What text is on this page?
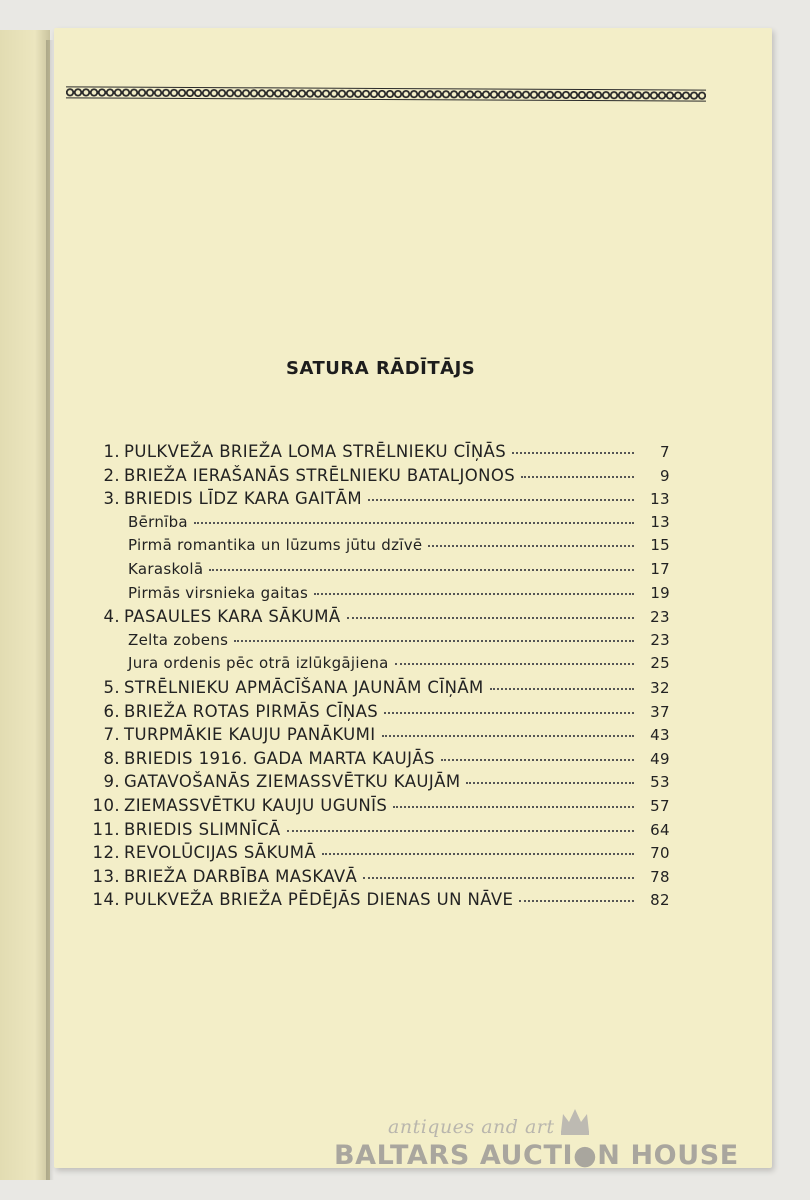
SATURA RĀDĪTĀJS
1. PULKVEŽA BRIEŽA LOMA STRĒLNIEKU CĪŅĀS	7
2. BRIEŽA IERAŠANĀS STRĒLNIEKU BATALJONOS	9
3. BRIEDIS LĪDZ KARA GAITĀM	13
Bērnība	13
Pirmā romantika un lūzums jūtu dzīvē	15
Karaskolā	17
Pirmās virsnieka gaitas	19
4. PASAULES KARA SĀKUMĀ	23
Zelta zobens	23
Jura ordenis pēc otrā izlūkgājiena	25
5. STRĒLNIEKU APMĀCĪŠANA JAUNĀM CĪŅĀM	32
6. BRIEŽA ROTAS PIRMĀS CĪŅAS	37
7. TURPMĀKIE KAUJU PANĀKUMI	43
8. BRIEDIS 1916. GADA MARTA KAUJĀS	49
9. GATAVOŠANĀS ZIEMASSVĒTKU KAUJĀM	53
10. ZIEMASSVĒTKU KAUJU UGUNĪS	57
11. BRIEDIS SLIMNĪCĀ	64
12. REVOLŪCIJAS SĀKUMĀ	70
13. BRIEŽA DARBĪBA MASKAVĀ	78
14. PULKVEŽA BRIEŽA PĒDĒJĀS DIENAS UN NĀVE	82
antiques and art
BALTARS AUCTI●N HOUSE
